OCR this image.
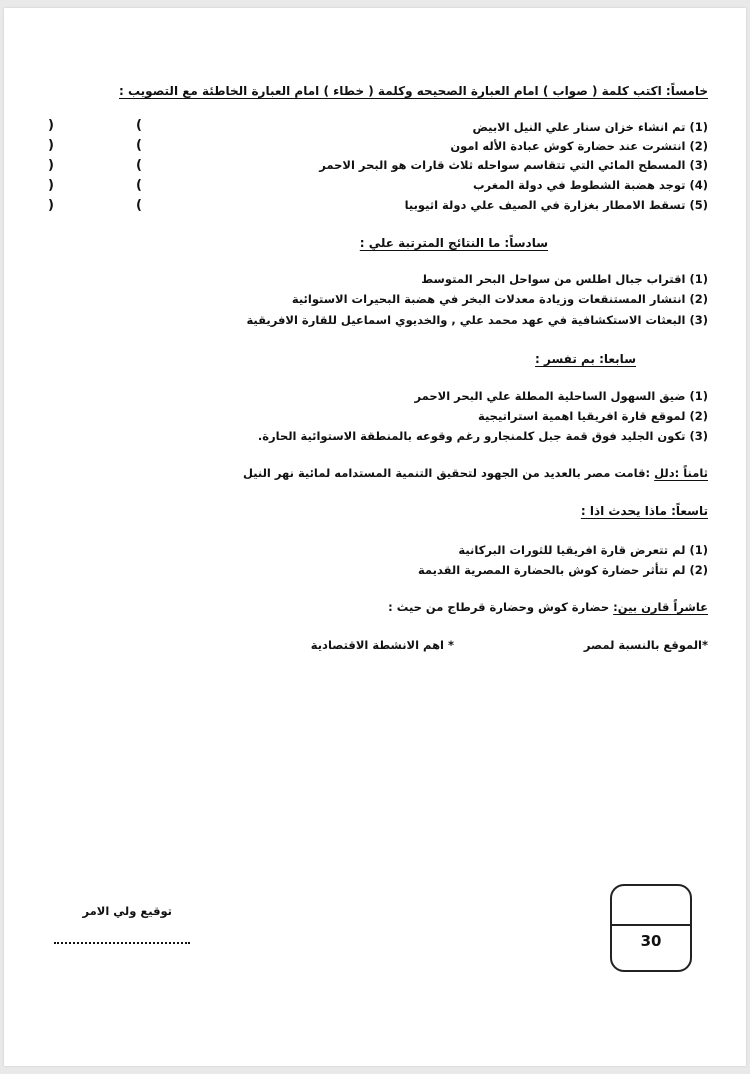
خامساً: اكتب كلمة ( صواب ) امام العبارة الصحيحه وكلمة ( خطاء ) امام العبارة الخاطئة مع التصويب :
(1) تم انشاء خزان سنار علي النيل الابيض
(2) انتشرت عند حضارة كوش عبادة الأله امون
(3) المسطح المائي التي تتقاسم سواحله ثلاث قارات هو البحر الاحمر
(4) توجد هضبة الشطوط في دولة المغرب
(5) تسقط الامطار بغزارة في الصيف علي دولة اثيوبيا
(
)
(
)
(
)
(
)
(
)
سادساً: ما النتائج المترتبة علي :
(1) اقتراب جبال اطلس من سواحل البحر المتوسط
(2) انتشار المستنقعات وزيادة معدلات البخر في هضبة البحيرات الاستوائية
(3) البعثات الاستكشافية في عهد محمد علي , والخديوي اسماعيل للقارة الافريقية
سابعا: بم تفسر :
(1) ضيق السهول الساحلية المطلة علي البحر الاحمر
(2) لموقع قارة افريقيا اهمية استراتيجية
(3) تكون الجليد فوق قمة جبل كلمنجارو رغم وقوعه بالمنطقة الاستوائية الحارة.
ثامناً :دلل :قامت مصر بالعديد من الجهود لتحقيق التنمية المستدامه لمائية نهر النيل
تاسعاً: ماذا يحدث اذا :
(1) لم تتعرض قارة افريقيا للثورات البركانية
(2) لم تتأثر حضارة كوش بالحضارة المصرية القديمة
عاشراً قارن بين: حضارة كوش وحضارة قرطاج من حيث :
*الموقع بالنسبة لمصر
* اهم الانشطة الاقتصادية
توقيع ولي الامر
30
